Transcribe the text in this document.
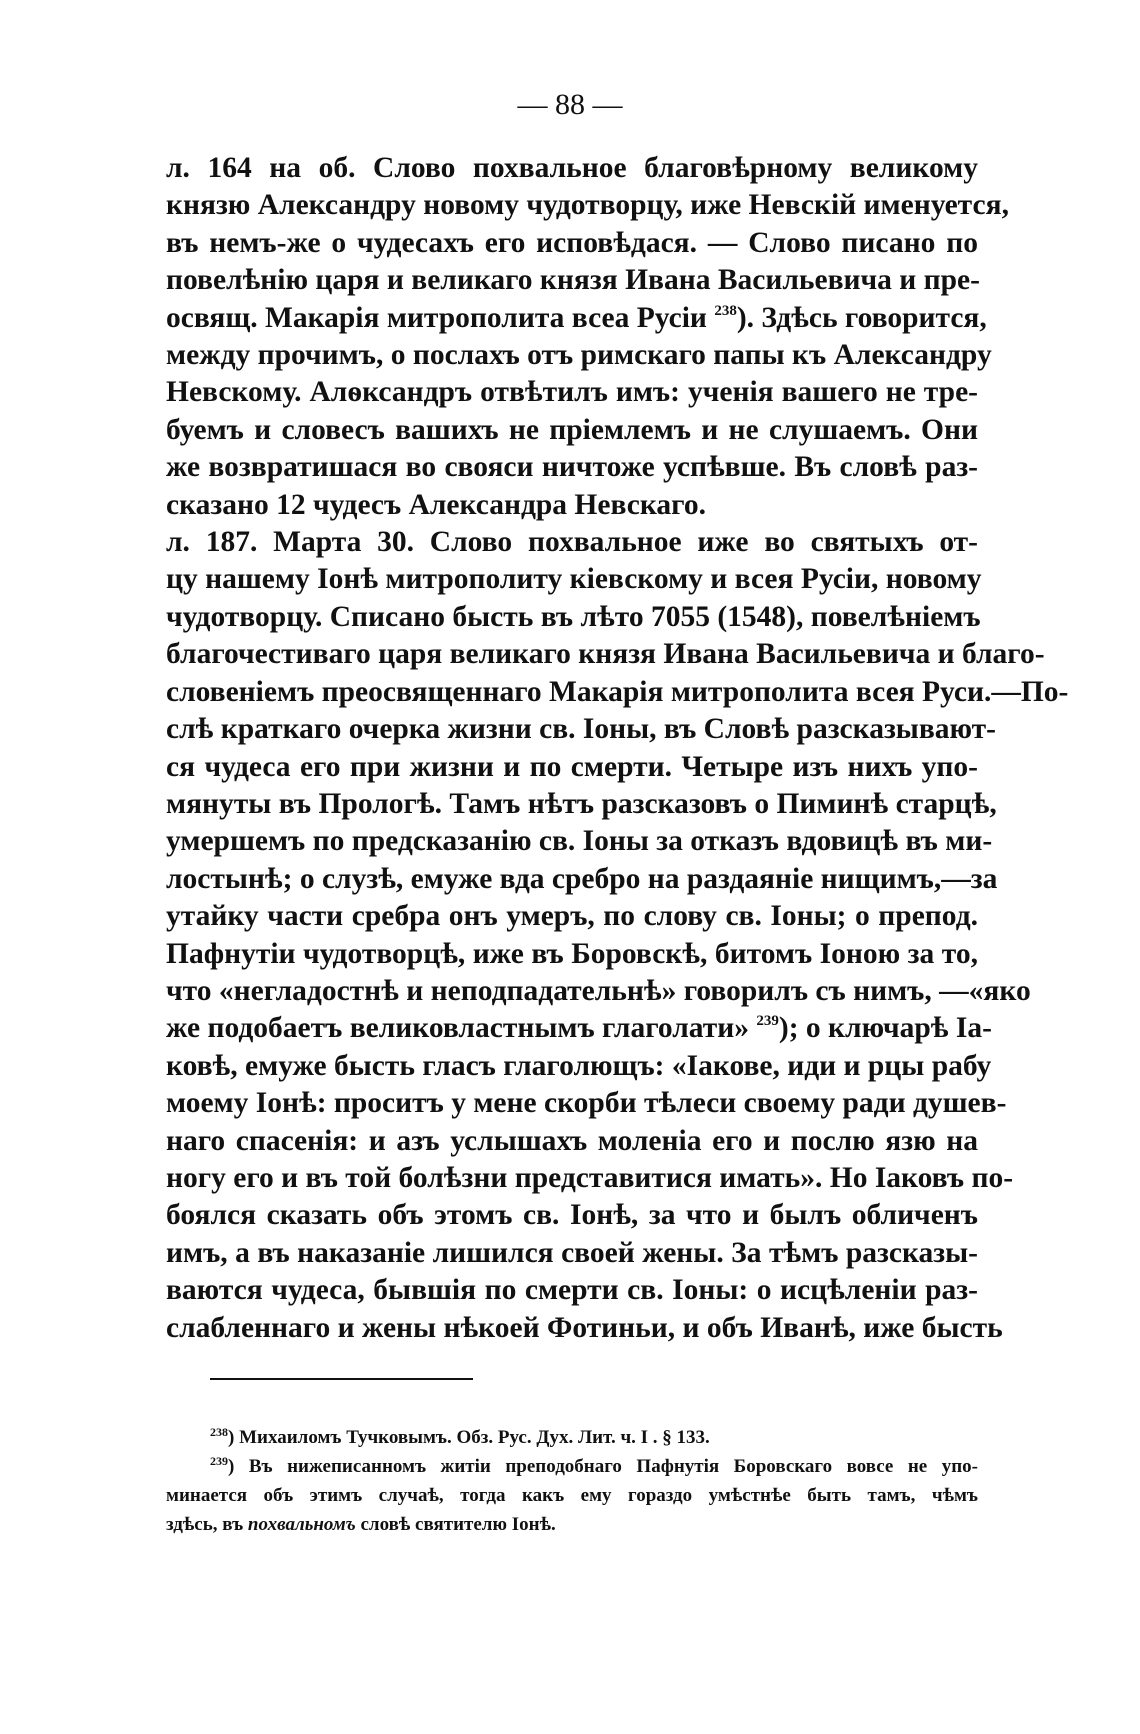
— 88 —
л. 164 на об. Слово похвальное благовѣрному великому
князю Александру новому чудотворцу, иже Невскій именуется,
въ немъ-же о чудесахъ его исповѣдася. — Слово писано по
повелѣнію царя и великаго князя Ивана Васильевича и пре-
освящ. Макарія митрополита всеа Русіи $^{238}$). Здѣсь говорится,
между прочимъ, о послахъ отъ римскаго папы къ Александру
Невскому. Алѳксандръ отвѣтилъ имъ: ученія вашего не тре-
буемъ и словесъ вашихъ не пріемлемъ и не слушаемъ. Они
же возвратишася во свояси ничтоже успѣвше. Въ словѣ раз-
сказано 12 чудесъ Александра Невскаго.
л. 187. Марта 30. Слово похвальное иже во святыхъ от-
цу нашему Іонѣ митрополиту кіевскому и всея Русіи, новому
чудотворцу. Списано бысть въ лѣто 7055 (1548), повелѣніемъ
благочестиваго царя великаго князя Ивана Васильевича и благо-
словеніемъ преосвященнаго Макарія митрополита всея Руси.—По-
слѣ краткаго очерка жизни св. Іоны, въ Словѣ разсказывают-
ся чудеса его при жизни и по смерти. Четыре изъ нихъ упо-
мянуты въ Прологѣ. Тамъ нѣтъ разсказовъ о Пиминѣ старцѣ,
умершемъ по предсказанію св. Іоны за отказъ вдовицѣ въ ми-
лостынѣ; о слузѣ, емуже вда сребро на раздаяніе нищимъ,—за
утайку части сребра онъ умеръ, по слову св. Іоны; о препод.
Пафнутіи чудотворцѣ, иже въ Боровскѣ, битомъ Іоною за то,
что «негладостнѣ и неподпадательнѣ» говорилъ съ нимъ, —«яко
же подобаетъ великовластнымъ глаголати» $^{239}$); о ключарѣ Іа-
ковѣ, емуже бысть гласъ глаголющъ: «Іакове, иди и рцы рабу
моему Іонѣ: проситъ у мене скорби тѣлеси своему ради душев-
наго спасенія: и азъ услышахъ моленіа его и послю язю на
ногу его и въ той болѣзни представитися имать». Но Іаковъ по-
боялся сказать объ этомъ св. Іонѣ, за что и былъ обличенъ
имъ, а въ наказаніе лишился своей жены. За тѣмъ разсказы-
ваются чудеса, бывшія по смерти св. Іоны: о исцѣленіи раз-
слабленнаго и жены нѣкоей Фотиньи, и объ Иванѣ, иже бысть
$^{238}$) Михаиломъ Тучковымъ. Обз. Рус. Дух. Лит. ч. І . § 133.
$^{239}$) Въ нижеписанномъ житіи преподобнаго Пафнутія Боровскаго вовсе не упо-
минается объ этимъ случаѣ, тогда какъ ему гораздо умѣстнѣе быть тамъ, чѣмъ
здѣсь, въ похвальномъ словѣ святителю Іонѣ.
